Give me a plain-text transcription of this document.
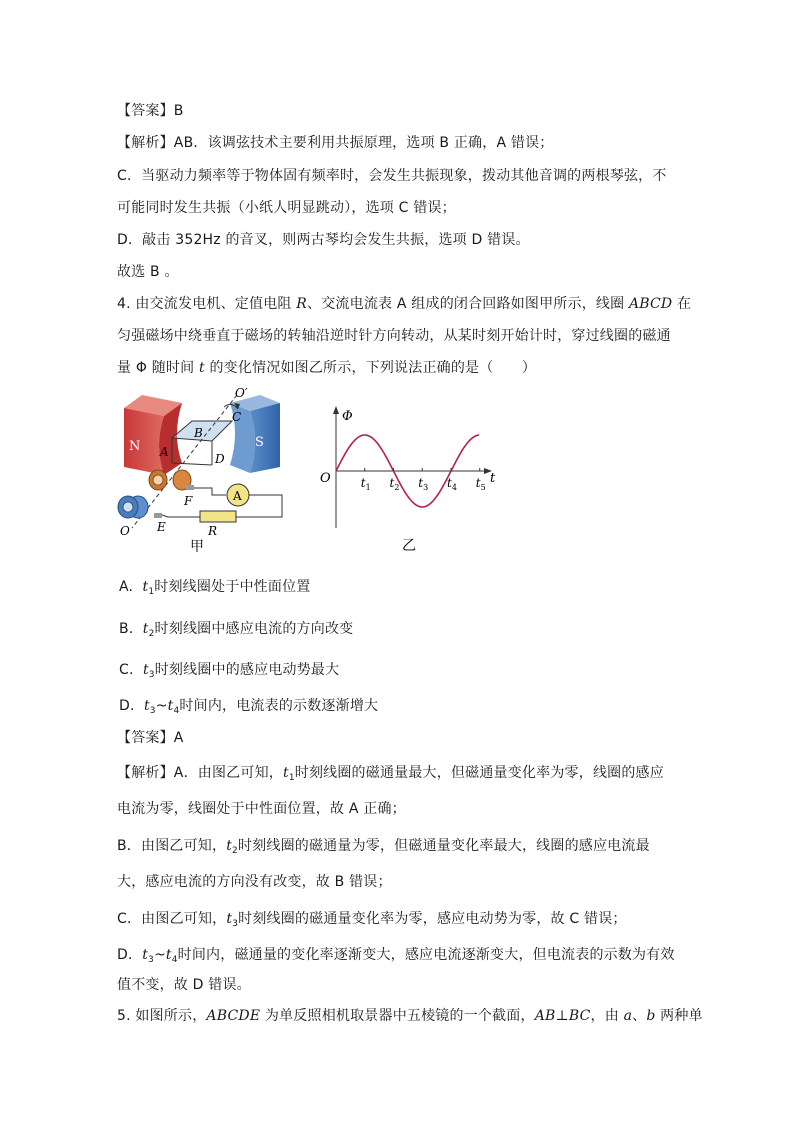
【答案】B
【解析】AB．该调弦技术主要利用共振原理，选项 B 正确，A 错误；
C．当驱动力频率等于物体固有频率时，会发生共振现象，拨动其他音调的两根琴弦，不
可能同时发生共振（小纸人明显跳动），选项 C 错误；
D．敲击 352Hz 的音叉，则两古琴均会发生共振，选项 D 错误。
故选 B 。
4. 由交流发电机、定值电阻 R、交流电流表 A 组成的闭合回路如图甲所示，线圈 ABCD 在
匀强磁场中绕垂直于磁场的转轴沿逆时针方向转动，从某时刻开始计时，穿过线圈的磁通
量 Φ 随时间 t 的变化情况如图乙所示，下列说法正确的是（　　）
N	S
O′
C
B
A	D
A
F
E
O	R
甲
Φ
t
O	$t_1$ $t_2$ $t_3$ $t_4$ $t_5$
乙
A. $t_1$时刻线圈处于中性面位置
B. $t_2$时刻线圈中感应电流的方向改变
C. $t_3$时刻线圈中的感应电动势最大
D. $t_3\sim t_4$时间内，电流表的示数逐渐增大
【答案】A
【解析】A．由图乙可知，$t_1$时刻线圈的磁通量最大，但磁通量变化率为零，线圈的感应
电流为零，线圈处于中性面位置，故 A 正确；
B．由图乙可知，$t_2$时刻线圈的磁通量为零，但磁通量变化率最大，线圈的感应电流最
大，感应电流的方向没有改变，故 B 错误；
C．由图乙可知，$t_3$时刻线圈的磁通量变化率为零，感应电动势为零，故 C 错误；
D．$t_3\sim t_4$时间内，磁通量的变化率逐渐变大，感应电流逐渐变大，但电流表的示数为有效
值不变，故 D 错误。
5. 如图所示，ABCDE 为单反照相机取景器中五棱镜的一个截面，AB⊥BC，由 a、b 两种单
